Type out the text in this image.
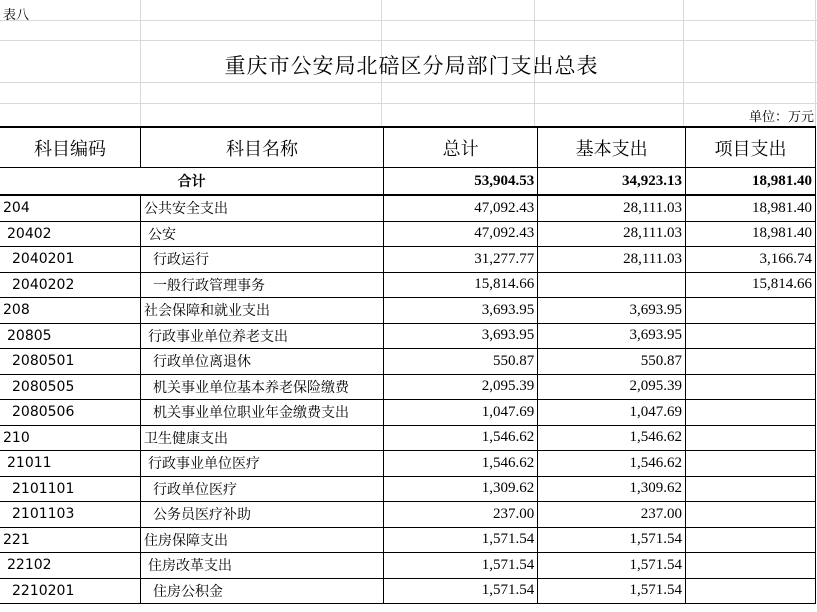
表八
重庆市公安局北碚区分局部门支出总表
单位：万元
科目编码	科目名称	总计	基本支出	项目支出
合计		53,904.53	34,923.13	18,981.40
204	公共安全支出	47,092.43	28,111.03	18,981.40
20402	公安	47,092.43	28,111.03	18,981.40
2040201	行政运行	31,277.77	28,111.03	3,166.74
2040202	一般行政管理事务	15,814.66		15,814.66
208	社会保障和就业支出	3,693.95	3,693.95	
20805	行政事业单位养老支出	3,693.95	3,693.95	
2080501	行政单位离退休	550.87	550.87	
2080505	机关事业单位基本养老保险缴费	2,095.39	2,095.39	
2080506	机关事业单位职业年金缴费支出	1,047.69	1,047.69	
210	卫生健康支出	1,546.62	1,546.62	
21011	行政事业单位医疗	1,546.62	1,546.62	
2101101	行政单位医疗	1,309.62	1,309.62	
2101103	公务员医疗补助	237.00	237.00	
221	住房保障支出	1,571.54	1,571.54	
22102	住房改革支出	1,571.54	1,571.54	
2210201	住房公积金	1,571.54	1,571.54	
